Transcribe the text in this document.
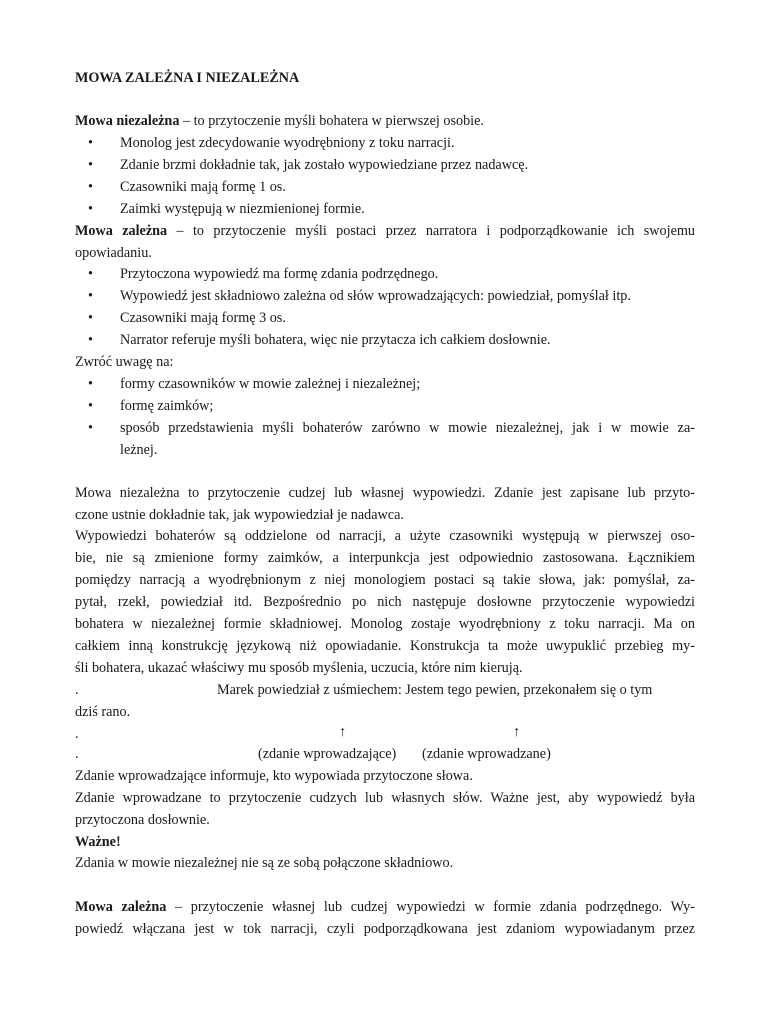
MOWA ZALEŻNA I NIEZALEŻNA
Mowa niezależna – to przytoczenie myśli bohatera w pierwszej osobie.
• Monolog jest zdecydowanie wyodrębniony z toku narracji.
• Zdanie brzmi dokładnie tak, jak zostało wypowiedziane przez nadawcę.
• Czasowniki mają formę 1 os.
• Zaimki występują w niezmienionej formie.
Mowa zależna – to przytoczenie myśli postaci przez narratora i podporządkowanie ich swojemu
opowiadaniu.
• Przytoczona wypowiedź ma formę zdania podrzędnego.
• Wypowiedź jest składniowo zależna od słów wprowadzających: powiedział, pomyślał itp.
• Czasowniki mają formę 3 os.
• Narrator referuje myśli bohatera, więc nie przytacza ich całkiem dosłownie.
Zwróć uwagę na:
• formy czasowników w mowie zależnej i niezależnej;
• formę zaimków;
• sposób przedstawienia myśli bohaterów zarówno w mowie niezależnej, jak i w mowie za-
leżnej.
Mowa niezależna to przytoczenie cudzej lub własnej wypowiedzi. Zdanie jest zapisane lub przyto-
czone ustnie dokładnie tak, jak wypowiedział je nadawca.
Wypowiedzi bohaterów są oddzielone od narracji, a użyte czasowniki występują w pierwszej oso-
bie, nie są zmienione formy zaimków, a interpunkcja jest odpowiednio zastosowana. Łącznikiem
pomiędzy narracją a wyodrębnionym z niej monologiem postaci są takie słowa, jak: pomyślał, za-
pytał, rzekł, powiedział itd. Bezpośrednio po nich następuje dosłowne przytoczenie wypowiedzi
bohatera w niezależnej formie składniowej. Monolog zostaje wyodrębniony z toku narracji. Ma on
całkiem inną konstrukcję językową niż opowiadanie. Konstrukcja ta może uwypuklić przebieg my-
śli bohatera, ukazać właściwy mu sposób myślenia, uczucia, które nim kierują.
.	Marek powiedział z uśmiechem: Jestem tego pewien, przekonałem się o tym
dziś rano.
.	↑	↑
.	(zdanie wprowadzające) (zdanie wprowadzane)
Zdanie wprowadzające informuje, kto wypowiada przytoczone słowa.
Zdanie wprowadzane to przytoczenie cudzych lub własnych słów. Ważne jest, aby wypowiedź była
przytoczona dosłownie.
Ważne!
Zdania w mowie niezależnej nie są ze sobą połączone składniowo.
Mowa zależna – przytoczenie własnej lub cudzej wypowiedzi w formie zdania podrzędnego. Wy-
powiedź włączana jest w tok narracji, czyli podporządkowana jest zdaniom wypowiadanym przez
